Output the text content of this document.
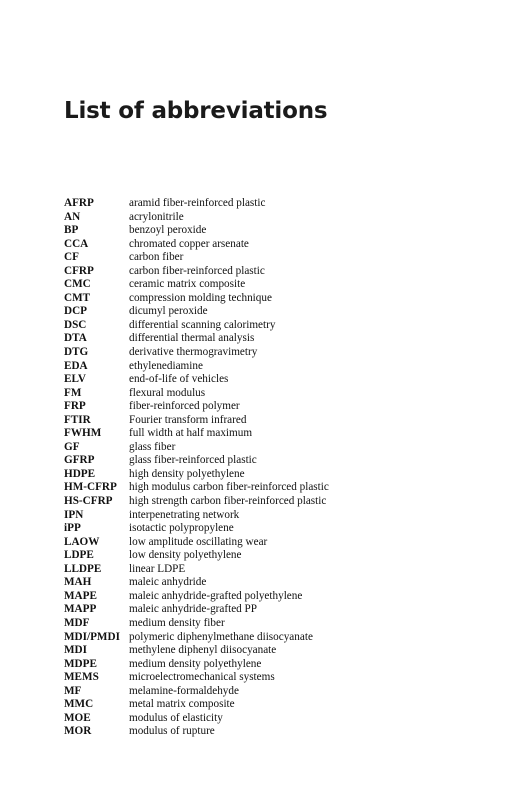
List of abbreviations
AFRP	aramid fiber-reinforced plastic
AN	acrylonitrile
BP	benzoyl peroxide
CCA	chromated copper arsenate
CF	carbon fiber
CFRP	carbon fiber-reinforced plastic
CMC	ceramic matrix composite
CMT	compression molding technique
DCP	dicumyl peroxide
DSC	differential scanning calorimetry
DTA	differential thermal analysis
DTG	derivative thermogravimetry
EDA	ethylenediamine
ELV	end-of-life of vehicles
FM	flexural modulus
FRP	fiber-reinforced polymer
FTIR	Fourier transform infrared
FWHM	full width at half maximum
GF	glass fiber
GFRP	glass fiber-reinforced plastic
HDPE	high density polyethylene
HM-CFRP	high modulus carbon fiber-reinforced plastic
HS-CFRP	high strength carbon fiber-reinforced plastic
IPN	interpenetrating network
iPP	isotactic polypropylene
LAOW	low amplitude oscillating wear
LDPE	low density polyethylene
LLDPE	linear LDPE
MAH	maleic anhydride
MAPE	maleic anhydride-grafted polyethylene
MAPP	maleic anhydride-grafted PP
MDF	medium density fiber
MDI/PMDI polymeric diphenylmethane diisocyanate
MDI	methylene diphenyl diisocyanate
MDPE	medium density polyethylene
MEMS	microelectromechanical systems
MF	melamine-formaldehyde
MMC	metal matrix composite
MOE	modulus of elasticity
MOR	modulus of rupture
